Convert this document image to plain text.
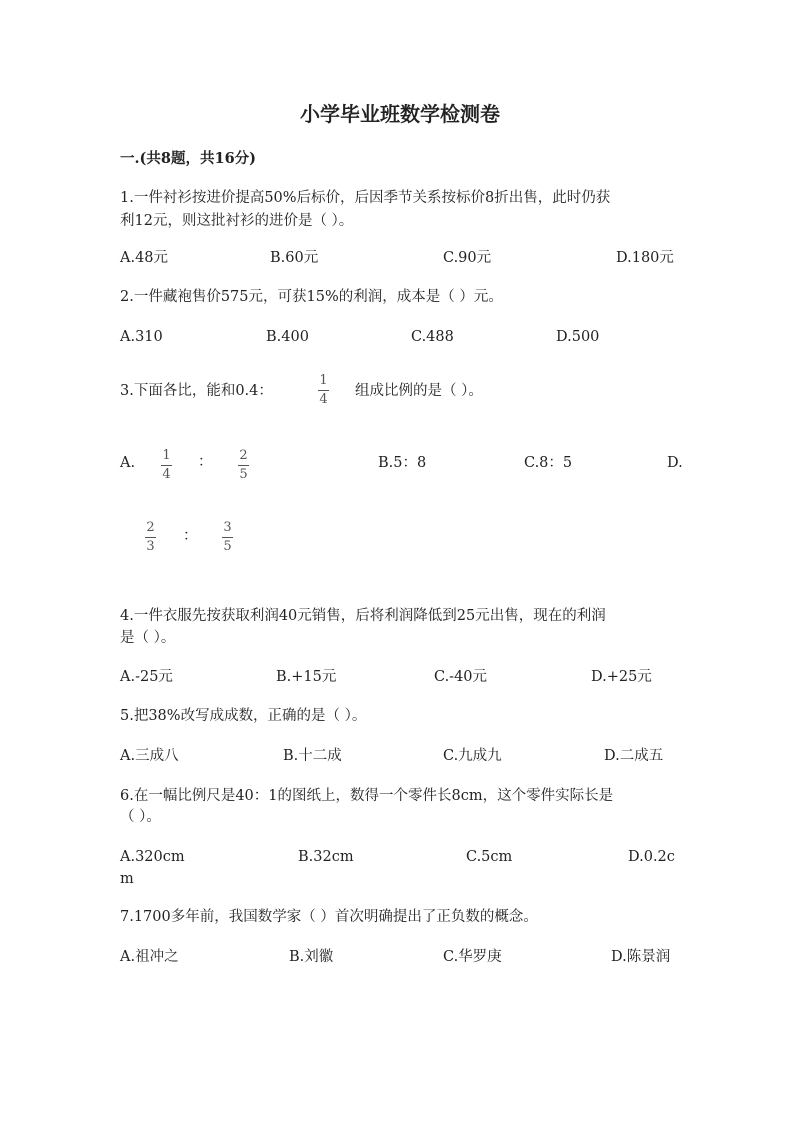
小学毕业班数学检测卷
一.(共8题，共16分)
1.一件衬衫按进价提高50%后标价，后因季节关系按标价8折出售，此时仍获
利12元，则这批衬衫的进价是（ ）。
A.48元	B.60元	C.90元	D.180元
2.一件藏袍售价575元，可获15%的利润，成本是（ ）元。
A.310	B.400	C.488	D.500
3.下面各比，能和0.4：
1
4
组成比例的是（ ）。
A. 1
4
： 2
5
B.5：8	C.8：5	D.
2
3
：
3
5
4.一件衣服先按获取利润40元销售，后将利润降低到25元出售，现在的利润
是（ ）。
A.-25元	B.+15元	C.-40元	D.+25元
5.把38%改写成成数，正确的是（ ）。
A.三成八	B.十二成	C.九成九	D.二成五
6.在一幅比例尺是40：1的图纸上，数得一个零件长8cm，这个零件实际长是
（ ）。
A.320cm	B.32cm	C.5cm	D.0.2c
m
7.1700多年前，我国数学家（ ）首次明确提出了正负数的概念。
A.祖冲之	B.刘徽	C.华罗庚	D.陈景润
